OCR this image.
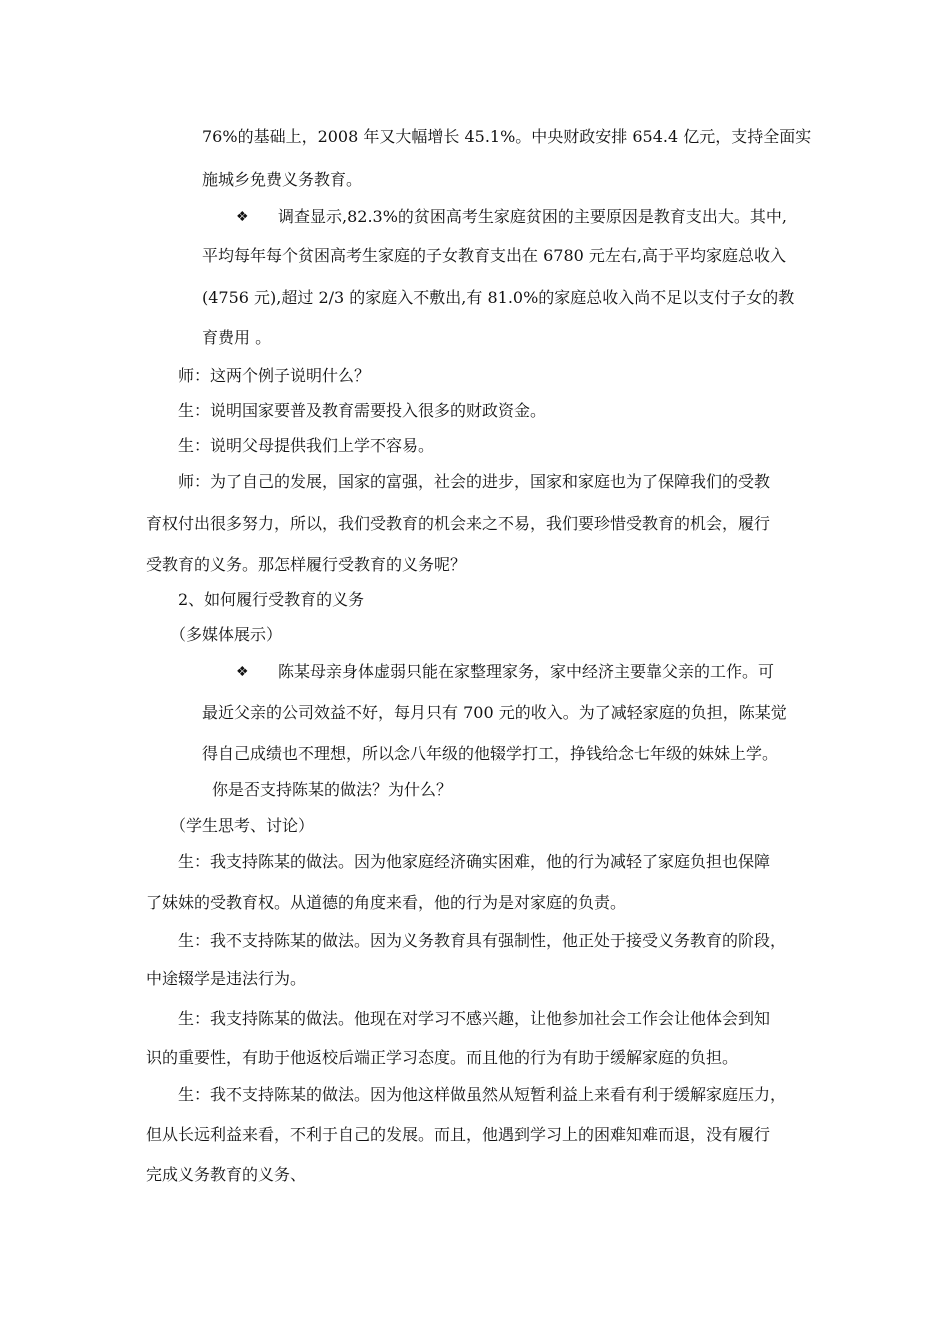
76%的基础上，2008 年又大幅增长 45.1%。中央财政安排 654.4 亿元，支持全面实
施城乡免费义务教育。
❖ 调查显示,82.3%的贫困高考生家庭贫困的主要原因是教育支出大。其中,
平均每年每个贫困高考生家庭的子女教育支出在 6780 元左右,高于平均家庭总收入
(4756 元),超过 2/3 的家庭入不敷出,有 81.0%的家庭总收入尚不足以支付子女的教
育费用 。
师：这两个例子说明什么？
生：说明国家要普及教育需要投入很多的财政资金。
生：说明父母提供我们上学不容易。
师：为了自己的发展，国家的富强，社会的进步，国家和家庭也为了保障我们的受教
育权付出很多努力，所以，我们受教育的机会来之不易，我们要珍惜受教育的机会，履行
受教育的义务。那怎样履行受教育的义务呢？
2、如何履行受教育的义务
（多媒体展示）
❖ 陈某母亲身体虚弱只能在家整理家务，家中经济主要靠父亲的工作。可
最近父亲的公司效益不好，每月只有 700 元的收入。为了减轻家庭的负担，陈某觉
得自己成绩也不理想，所以念八年级的他辍学打工，挣钱给念七年级的妹妹上学。
你是否支持陈某的做法？为什么？
（学生思考、讨论）
生：我支持陈某的做法。因为他家庭经济确实困难，他的行为减轻了家庭负担也保障
了妹妹的受教育权。从道德的角度来看，他的行为是对家庭的负责。
生：我不支持陈某的做法。因为义务教育具有强制性，他正处于接受义务教育的阶段，
中途辍学是违法行为。
生：我支持陈某的做法。他现在对学习不感兴趣，让他参加社会工作会让他体会到知
识的重要性，有助于他返校后端正学习态度。而且他的行为有助于缓解家庭的负担。
生：我不支持陈某的做法。因为他这样做虽然从短暂利益上来看有利于缓解家庭压力，
但从长远利益来看，不利于自己的发展。而且，他遇到学习上的困难知难而退，没有履行
完成义务教育的义务、
